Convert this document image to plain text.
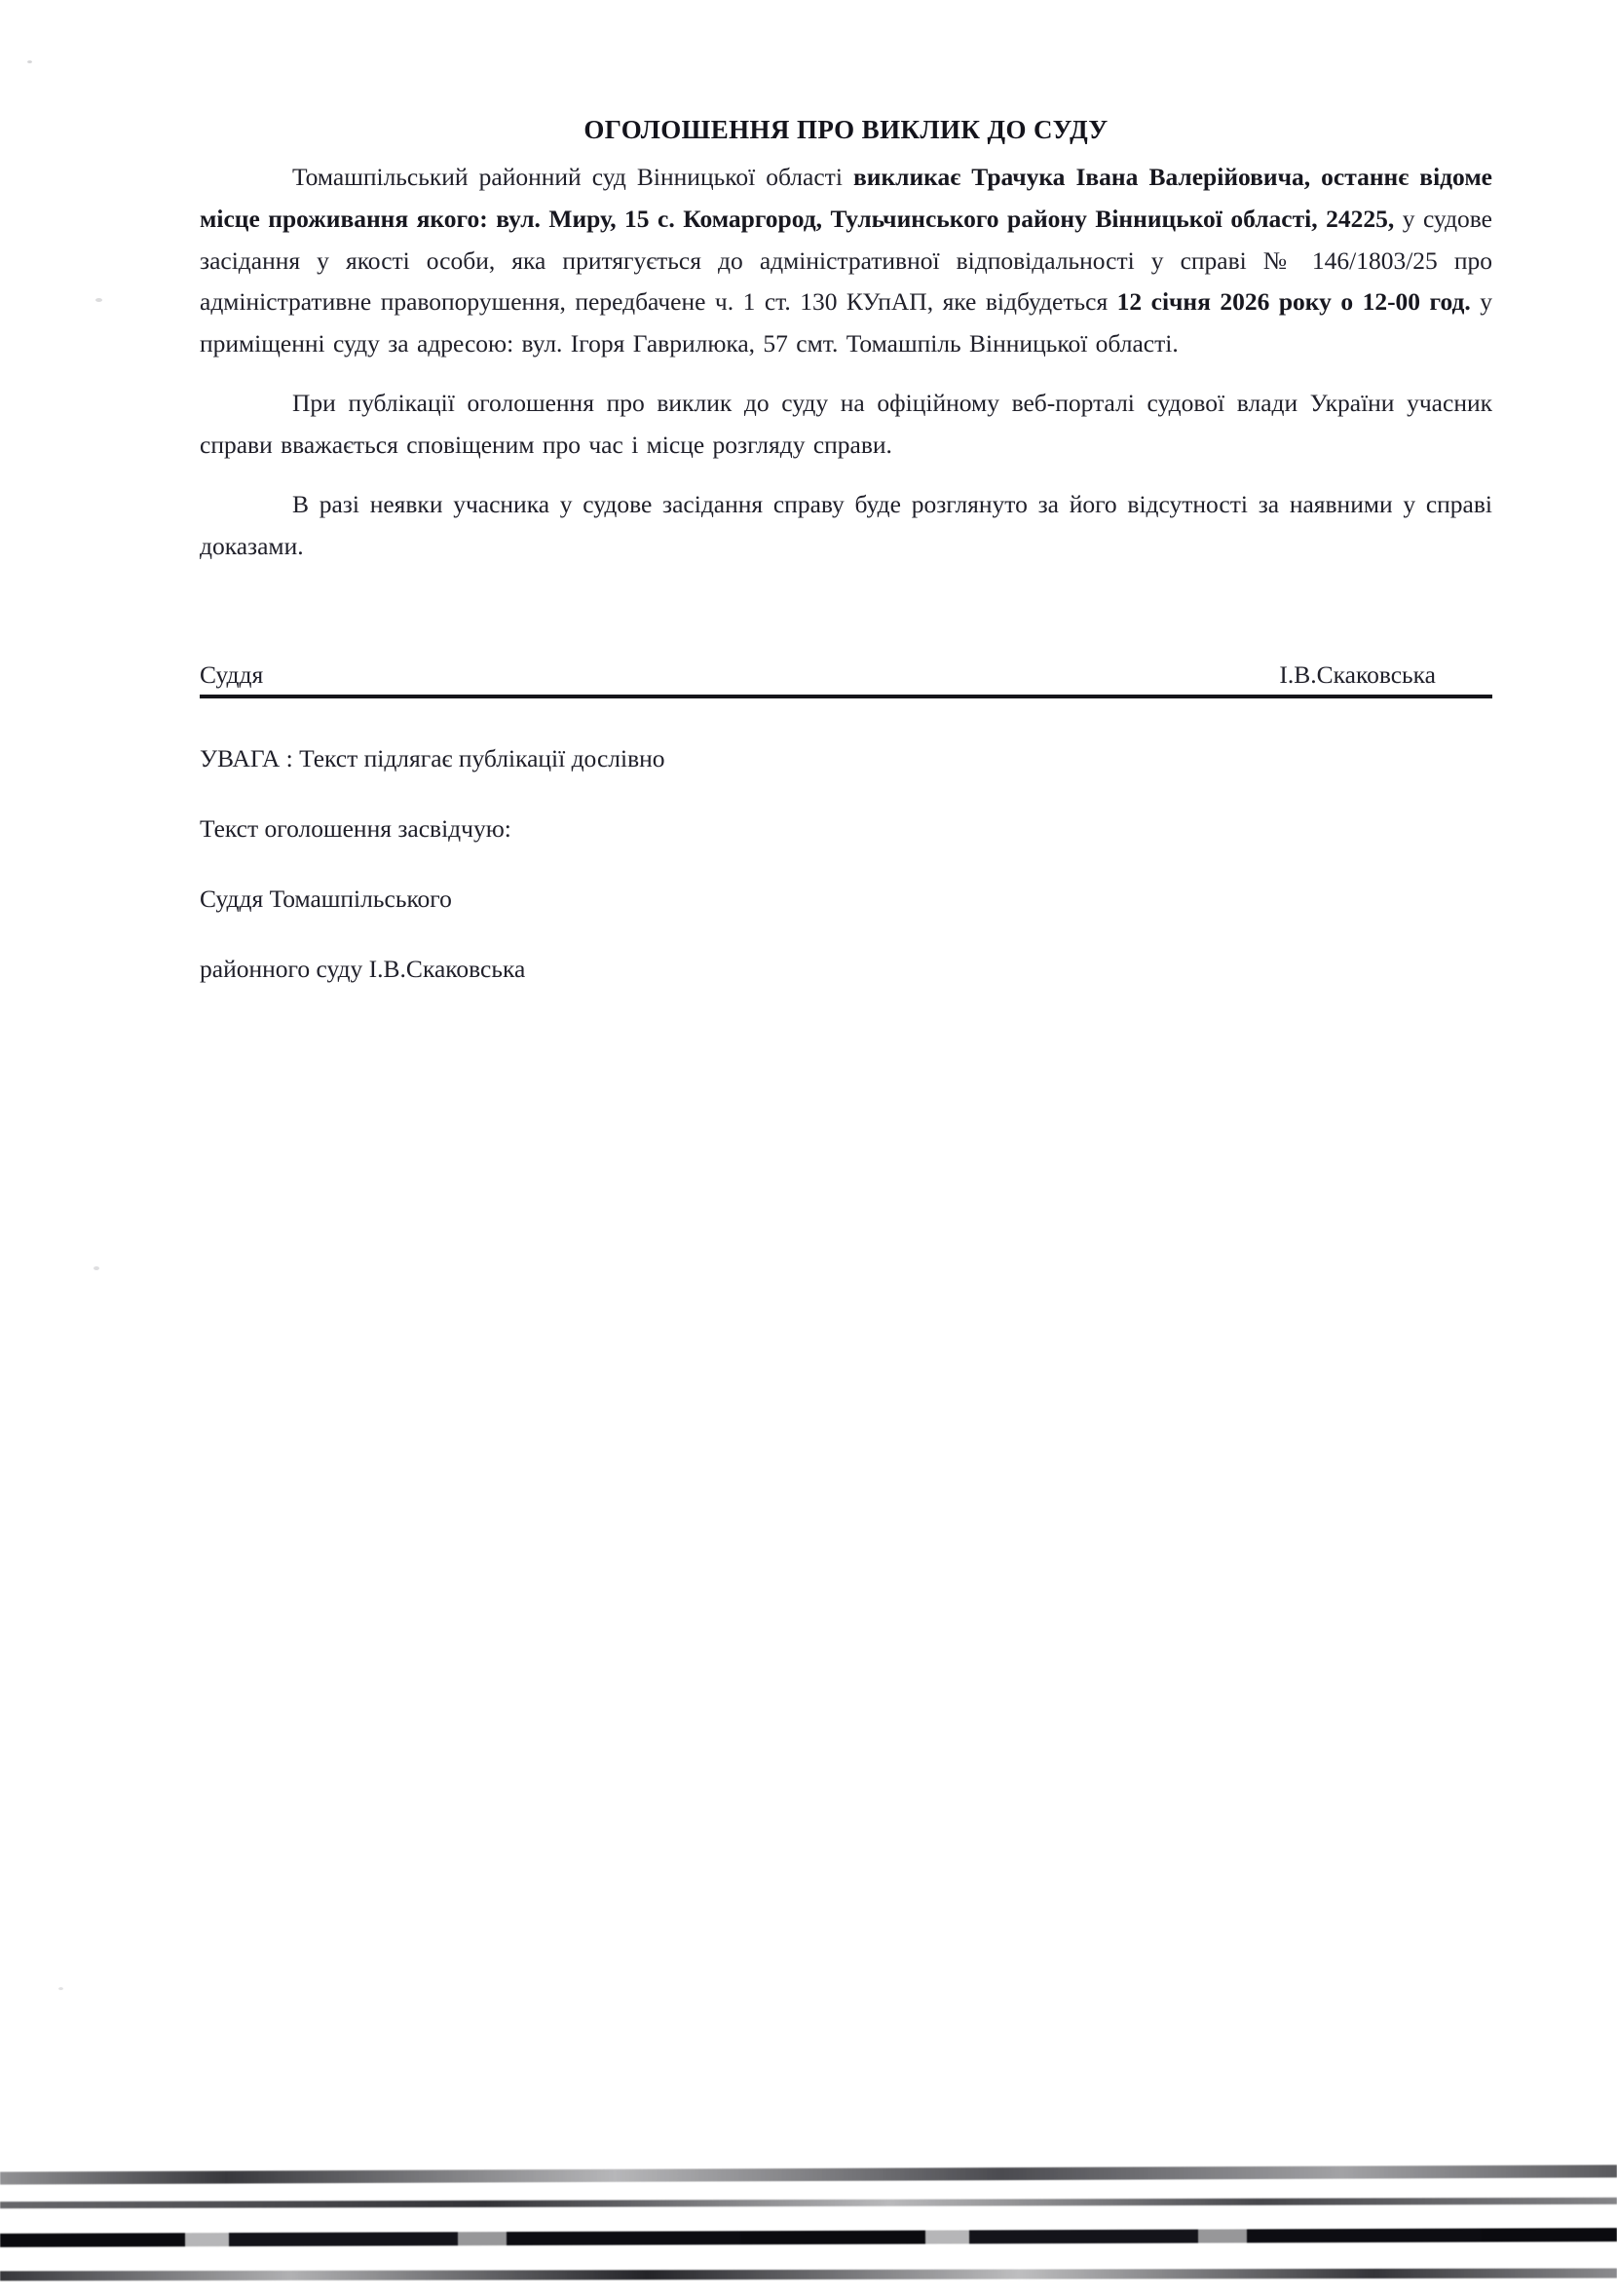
ОГОЛОШЕННЯ ПРО ВИКЛИК ДО СУДУ

Томашпільський районний суд Вінницької області викликає Трачука Івана Валерійовича, останнє відоме місце проживання якого: вул. Миру, 15 с. Комаргород, Тульчинського району Вінницької області, 24225, у судове засідання у якості особи, яка притягується до адміністративної відповідальності у справі № 146/1803/25 про адміністративне правопорушення, передбачене ч. 1 ст. 130 КУпАП, яке відбудеться 12 січня 2026 року о 12-00 год. у приміщенні суду за адресою: вул. Ігоря Гаврилюка, 57 смт. Томашпіль Вінницької області.

При публікації оголошення про виклик до суду на офіційному веб-порталі судової влади України учасник справи вважається сповіщеним про час і місце розгляду справи.

В разі неявки учасника у судове засідання справу буде розглянуто за його відсутності за наявними у справі доказами.

Суддя	І.В.Скаковська

УВАГА : Текст підлягає публікації дослівно

Текст оголошення засвідчую:

Суддя Томашпільського

районного суду І.В.Скаковська
